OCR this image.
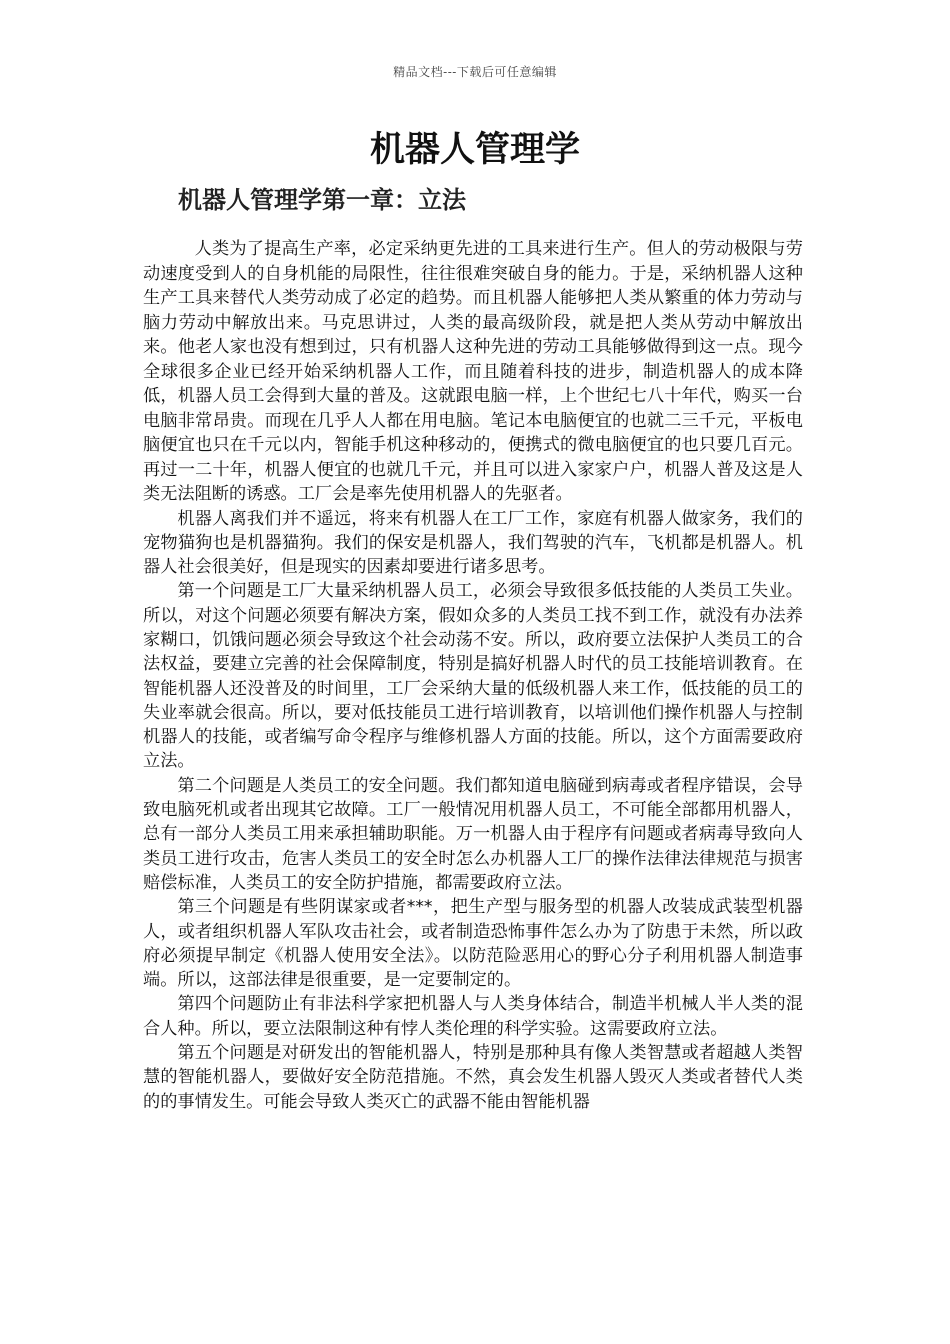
精品文档---下载后可任意编辑
机器人管理学
机器人管理学第一章：立法

人类为了提高生产率，必定采纳更先进的工具来进行生产。但人的劳动极限与劳动速度受到人的自身机能的局限性，往往很难突破自身的能力。于是，采纳机器人这种生产工具来替代人类劳动成了必定的趋势。而且机器人能够把人类从繁重的体力劳动与脑力劳动中解放出来。马克思讲过，人类的最高级阶段，就是把人类从劳动中解放出来。他老人家也没有想到过，只有机器人这种先进的劳动工具能够做得到这一点。现今全球很多企业已经开始采纳机器人工作，而且随着科技的进步，制造机器人的成本降低，机器人员工会得到大量的普及。这就跟电脑一样，上个世纪七八十年代，购买一台电脑非常昂贵。而现在几乎人人都在用电脑。笔记本电脑便宜的也就二三千元，平板电脑便宜也只在千元以内，智能手机这种移动的，便携式的微电脑便宜的也只要几百元。再过一二十年，机器人便宜的也就几千元，并且可以进入家家户户，机器人普及这是人类无法阻断的诱惑。工厂会是率先使用机器人的先驱者。

机器人离我们并不遥远，将来有机器人在工厂工作，家庭有机器人做家务，我们的宠物猫狗也是机器猫狗。我们的保安是机器人，我们驾驶的汽车，飞机都是机器人。机器人社会很美好，但是现实的因素却要进行诸多思考。

第一个问题是工厂大量采纳机器人员工，必须会导致很多低技能的人类员工失业。所以，对这个问题必须要有解决方案，假如众多的人类员工找不到工作，就没有办法养家糊口，饥饿问题必须会导致这个社会动荡不安。所以，政府要立法保护人类员工的合法权益，要建立完善的社会保障制度，特别是搞好机器人时代的员工技能培训教育。在智能机器人还没普及的时间里，工厂会采纳大量的低级机器人来工作，低技能的员工的失业率就会很高。所以，要对低技能员工进行培训教育，以培训他们操作机器人与控制机器人的技能，或者编写命令程序与维修机器人方面的技能。所以，这个方面需要政府立法。

第二个问题是人类员工的安全问题。我们都知道电脑碰到病毒或者程序错误，会导致电脑死机或者出现其它故障。工厂一般情况用机器人员工，不可能全部都用机器人，总有一部分人类员工用来承担辅助职能。万一机器人由于程序有问题或者病毒导致向人类员工进行攻击，危害人类员工的安全时怎么办机器人工厂的操作法律法律规范与损害赔偿标准，人类员工的安全防护措施，都需要政府立法。

第三个问题是有些阴谋家或者***，把生产型与服务型的机器人改装成武装型机器人，或者组织机器人军队攻击社会，或者制造恐怖事件怎么办为了防患于未然，所以政府必须提早制定《机器人使用安全法》。以防范险恶用心的野心分子利用机器人制造事端。所以，这部法律是很重要，是一定要制定的。

第四个问题防止有非法科学家把机器人与人类身体结合，制造半机械人半人类的混合人种。所以，要立法限制这种有悖人类伦理的科学实验。这需要政府立法。

第五个问题是对研发出的智能机器人，特别是那种具有像人类智慧或者超越人类智慧的智能机器人，要做好安全防范措施。不然，真会发生机器人毁灭人类或者替代人类的的事情发生。可能会导致人类灭亡的武器不能由智能机器
